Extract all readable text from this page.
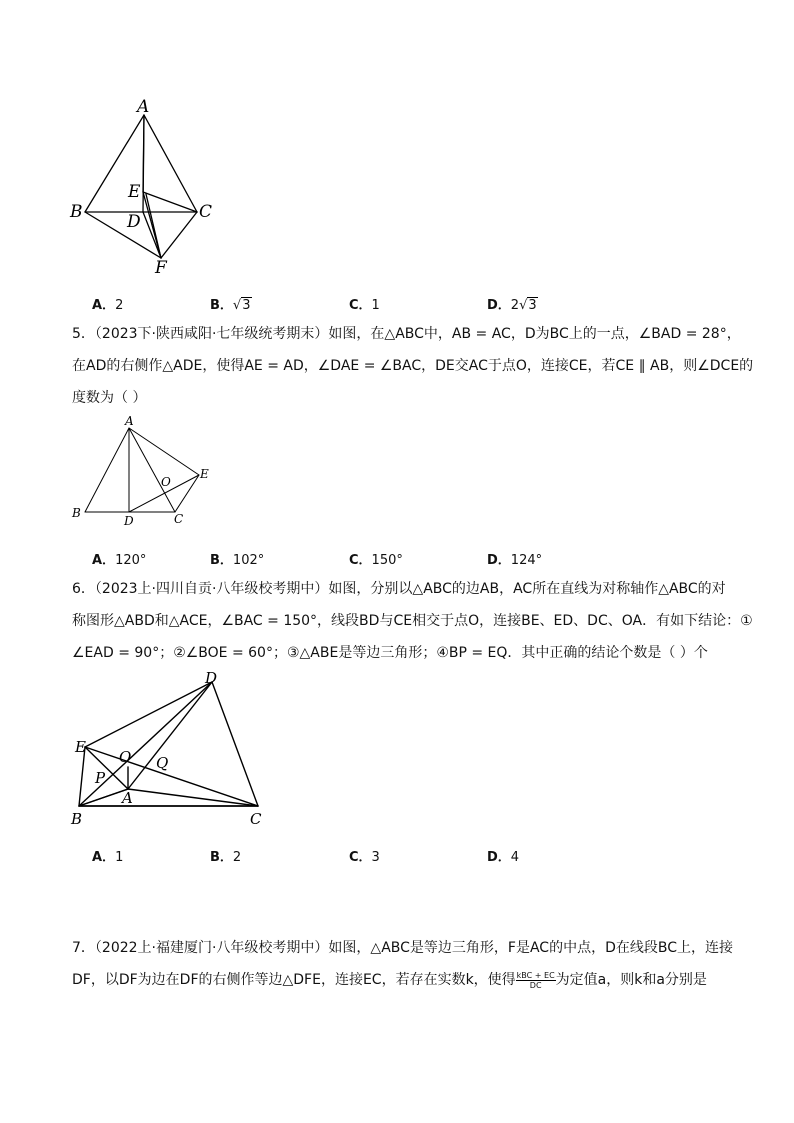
A
B	C
D
E
F
A．2	B．√3	C．1	D．2√3
5．（2023下·陕西咸阳·七年级统考期末）如图，在△ABC中，AB = AC，D为BC上的一点，∠BAD = 28°，
在AD的右侧作△ADE，使得AE = AD，∠DAE = ∠BAC，DE交AC于点O，连接CE，若CE ∥ AB，则∠DCE的
度数为（ ）
A
B	C
D
E
O
A．120°	B．102°	C．150°	D．124°
6．（2023上·四川自贡·八年级校考期中）如图，分别以△ABC的边AB，AC所在直线为对称轴作△ABC的对
称图形△ABD和△ACE，∠BAC = 150°，线段BD与CE相交于点O，连接BE、ED、DC、OA．有如下结论：①
∠EAD = 90°；②∠BOE = 60°；③△ABE是等边三角形；④BP = EQ．其中正确的结论个数是（ ）个
A
B	C
D
E
O
P
Q
A．1	B．2	C．3	D．4
7．（2022上·福建厦门·八年级校考期中）如图，△ABC是等边三角形，F是AC的中点，D在线段BC上，连接
DF，以DF为边在DF的右侧作等边△DFE，连接EC，若存在实数k，使得 $\frac{\text{kBC + EC}}{DC}$ 为定值a，则k和a分别是
